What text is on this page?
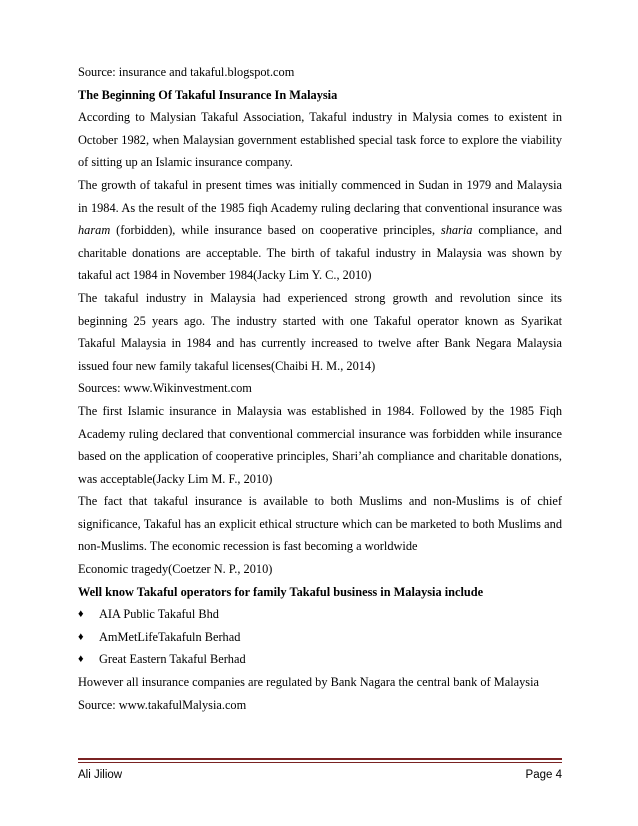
Source: insurance and takaful.blogspot.com

The Beginning Of Takaful Insurance In Malaysia

According to Malysian Takaful Association, Takaful industry in Malysia comes to existent in October 1982, when Malaysian government established special task force to explore the viability of sitting up an Islamic insurance company.

The growth of takaful in present times was initially commenced in Sudan in 1979 and Malaysia in 1984. As the result of the 1985 fiqh Academy ruling declaring that conventional insurance was haram (forbidden), while insurance based on cooperative principles, sharia compliance, and charitable donations are acceptable. The birth of takaful industry in Malaysia was shown by takaful act 1984 in November 1984(Jacky Lim Y. C., 2010)

The takaful industry in Malaysia had experienced strong growth and revolution since its beginning 25 years ago. The industry started with one Takaful operator known as Syarikat Takaful Malaysia in 1984 and has currently increased to twelve after Bank Negara Malaysia issued four new family takaful licenses(Chaibi H. M., 2014)

Sources: www.Wikinvestment.com

The first Islamic insurance in Malaysia was established in 1984. Followed by the 1985 Fiqh Academy ruling declared that conventional commercial insurance was forbidden while insurance based on the application of cooperative principles, Shari’ah compliance and charitable donations, was acceptable(Jacky Lim M. F., 2010)

The fact that takaful insurance is available to both Muslims and non-Muslims is of chief significance, Takaful has an explicit ethical structure which can be marketed to both Muslims and non-Muslims. The economic recession is fast becoming a worldwide

Economic tragedy(Coetzer N. P., 2010)

Well know Takaful operators for family Takaful business in Malaysia include

♦ AIA Public Takaful Bhd
♦ AmMetLifeTakafuln Berhad
♦ Great Eastern Takaful Berhad

However all insurance companies are regulated by Bank Nagara the central bank of Malaysia

Source: www.takafulMalysia.com

Ali Jiliow	Page 4
